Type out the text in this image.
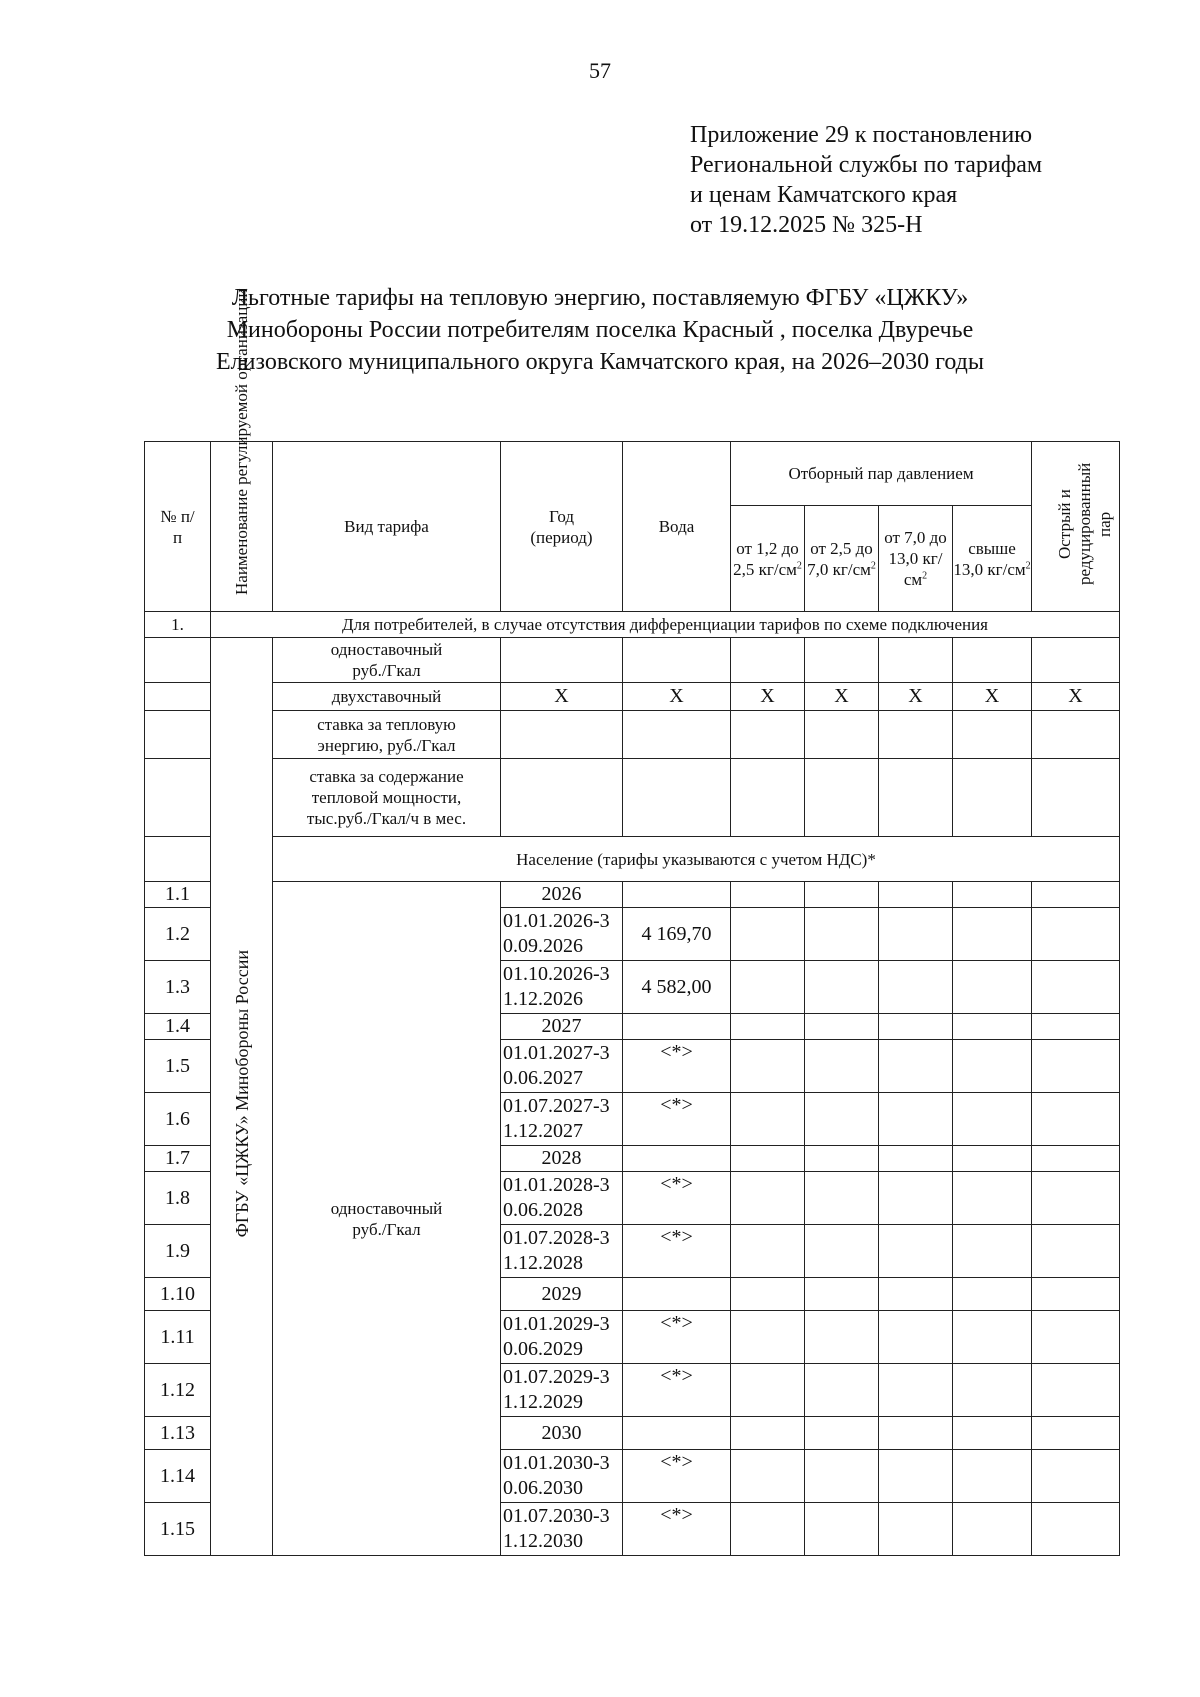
57
Приложение 29 к постановлению
Региональной службы по тарифам
и ценам Камчатского края
от 19.12.2025 № 325-Н
Льготные тарифы на тепловую энергию, поставляемую ФГБУ «ЦЖКУ»
Минобороны России потребителям поселка Красный , поселка Двуречье
Елизовского муниципального округа Камчатского края, на 2026–2030 годы
№ п/п	Наименование регулируемой организации	Вид тарифа	Год (период)	Вода	Отборный пар давлением				Острый и редуцированный пар
					от 1,2 до 2,5 $кг/см^2$	от 2,5 до 7,0 $кг/см^2$	от 7,0 до 13,0 $кг/см^2$	свыше 13,0 $кг/см^2$
1.	Для потребителей, в случае отсутствия дифференциации тарифов по схеме подключения								
	ФГБУ «ЦЖКУ» Минобороны России	одноставочный руб./Гкал							
		двухставочный	X	X	X	X	X	X	X
		ставка за тепловую энергию, руб./Гкал							
		ставка за содержание тепловой мощности, тыс.руб./Гкал/ч в мес.							
		Население (тарифы указываются с учетом НДС)*							
1.1		одноставочный руб./Гкал	2026						
1.2			01.01.2026-30.09.2026	4 169,70					
1.3			01.10.2026-31.12.2026	4 582,00					
1.4			2027						
1.5			01.01.2027-30.06.2027	<*>					
1.6			01.07.2027-31.12.2027	<*>					
1.7			2028						
1.8			01.01.2028-30.06.2028	<*>					
1.9			01.07.2028-31.12.2028	<*>					
1.10			2029						
1.11			01.01.2029-30.06.2029	<*>					
1.12			01.07.2029-31.12.2029	<*>					
1.13			2030						
1.14			01.01.2030-30.06.2030	<*>					
1.15			01.07.2030-31.12.2030	<*>					
